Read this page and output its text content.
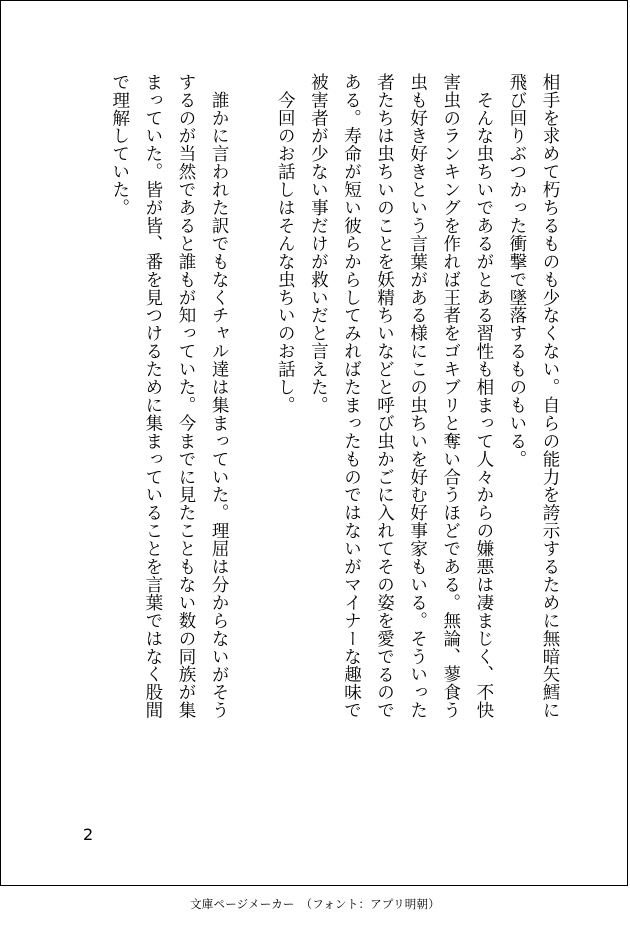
相手を求めて朽ちるものも少なくない。自らの能力を誇示するために無暗矢鱈に
飛び回りぶつかった衝撃で墜落するものもいる。

　そんな虫ちいであるがとある習性も相まって人々からの嫌悪は凄まじく、不快
害虫のランキングを作れば王者をゴキブリと奪い合うほどである。無論、蓼食う
虫も好き好きという言葉がある様にこの虫ちいを好む好事家もいる。そういった
者たちは虫ちいのことを妖精ちいなどと呼び虫かごに入れてその姿を愛でるので
ある。寿命が短い彼らからしてみればたまったものではないがマイナーな趣味で
被害者が少ない事だけが救いだと言えた。

　今回のお話しはそんな虫ちいのお話し。

　誰かに言われた訳でもなくチャル達は集まっていた。理屈は分からないがそう
するのが当然であると誰もが知っていた。今までに見たこともない数の同族が集
まっていた。皆が皆、番を見つけるために集まっていることを言葉ではなく股間
で理解していた。

2
文庫ページメーカー　（フォント：アプリ明朝）
